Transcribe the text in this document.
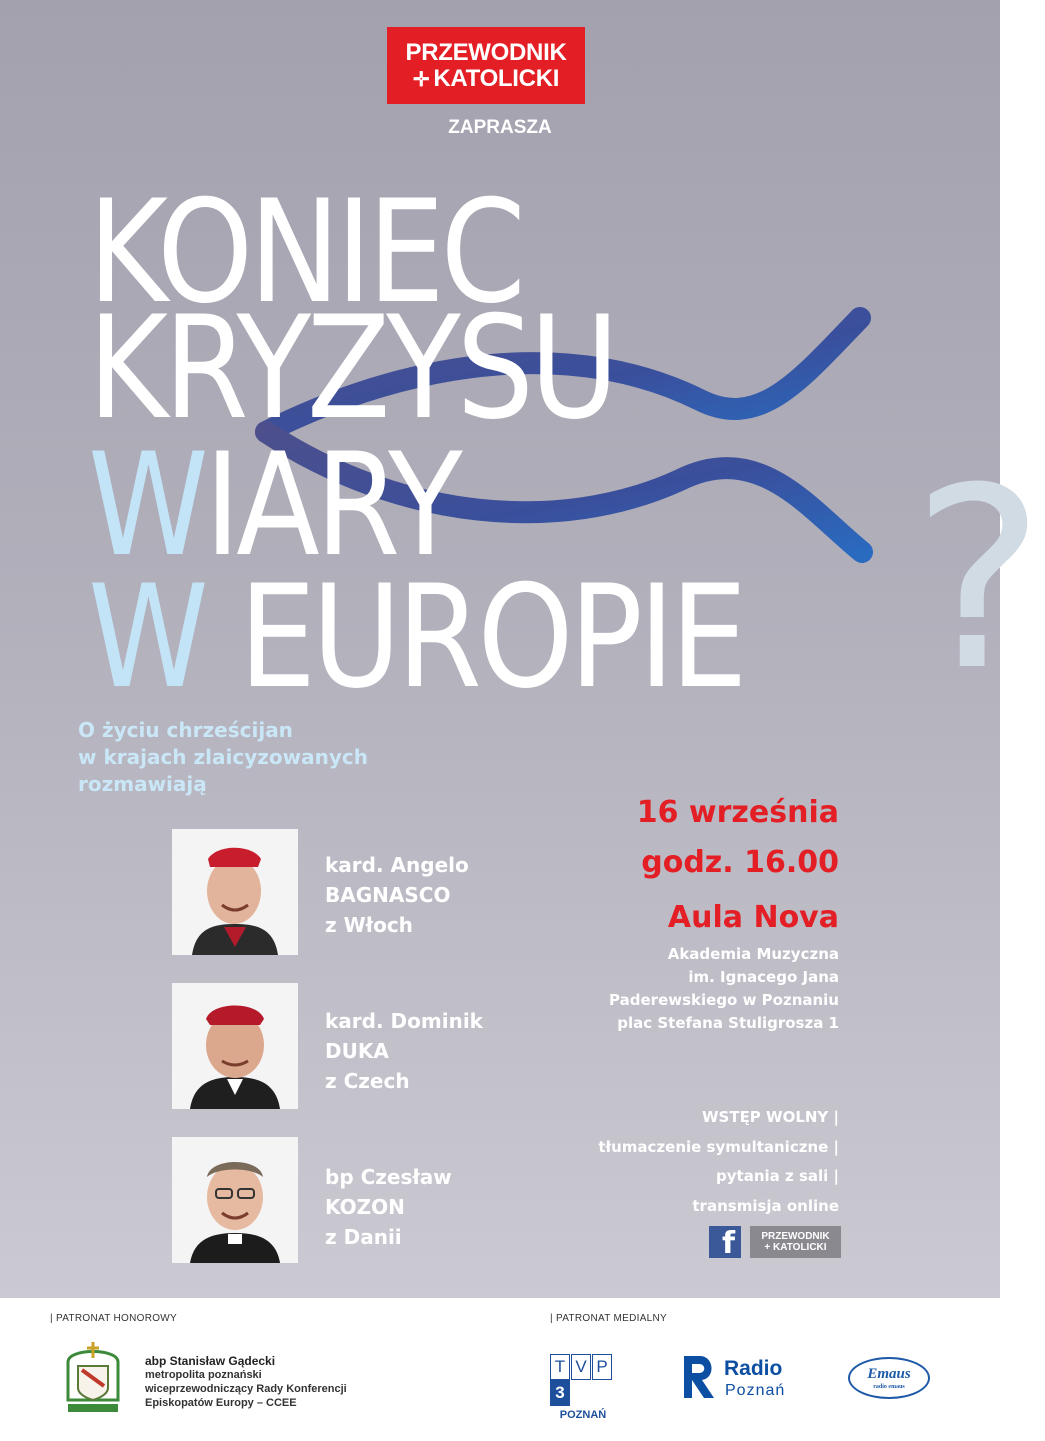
PRZEWODNIK
✛ KATOLICKI
ZAPRASZA
KONIEC
KRYZYSU
WIARY
W EUROPIE ?
O życiu chrześcijan
w krajach zlaicyzowanych
rozmawiają
kard. Angelo
BAGNASCO
z Włoch
kard. Dominik
DUKA
z Czech
bp Czesław
KOZON
z Danii
16 września
godz. 16.00
Aula Nova
Akademia Muzyczna
im. Ignacego Jana
Paderewskiego w Poznaniu
plac Stefana Stuligrosza 1
WSTĘP WOLNY |
tłumaczenie symultaniczne |
pytania z sali |
transmisja online
f	PRZEWODNIK
+ KATOLICKI
| PATRONAT HONOROWY	| PATRONAT MEDIALNY
abp Stanisław Gądecki
metropolita poznański
wiceprzewodniczący Rady Konferencji
Episkopatów Europy – CCEE
T V P3
POZNAŃ
Radio
Poznań
Emaus
radio emaus
